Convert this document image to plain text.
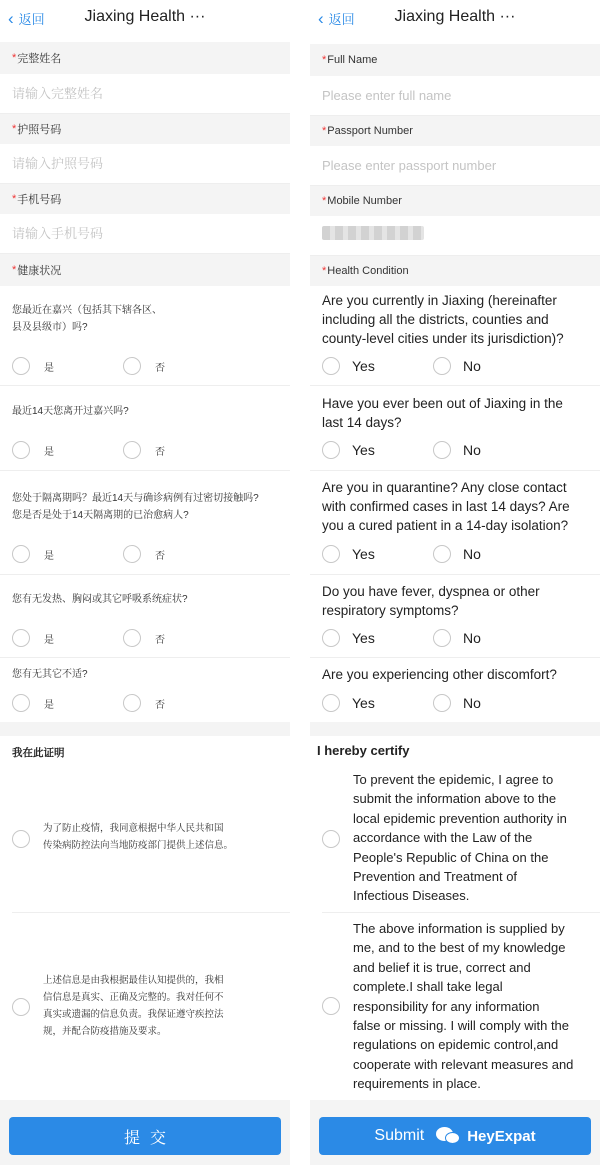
‹ 返回	Jiaxing Health ···
* 完整姓名
请输入完整姓名
* 护照号码
请输入护照号码
* 手机号码
请输入手机号码
* 健康状况
您最近在嘉兴（包括其下辖各区、
县及县级市）吗?
是	否
最近14天您离开过嘉兴吗?
是	否
您处于隔离期吗？最近14天与确诊病例有过密切接触吗?
您是否是处于14天隔离期的已治愈病人?
是	否
您有无发热、胸闷或其它呼吸系统症状?
是	否
您有无其它不适?
是	否
我在此证明
为了防止疫情，我同意根据中华人民共和国
传染病防控法向当地防疫部门提供上述信息。
上述信息是由我根据最佳认知提供的，我相
信信息是真实、正确及完整的。我对任何不
真实或遗漏的信息负责。我保证遵守疾控法
规，并配合防疫措施及要求。
提交
‹ 返回	Jiaxing Health ···
* Full Name
Please enter full name
* Passport Number
Please enter passport number
* Mobile Number
* Health Condition
Are you currently in Jiaxing (hereinafter
including all the districts, counties and
county-level cities under its jurisdiction)?
Yes	No
Have you ever been out of Jiaxing in the
last 14 days?
Yes	No
Are you in quarantine? Any close contact
with confirmed cases in last 14 days? Are
you a cured patient in a 14-day isolation?
Yes	No
Do you have fever, dyspnea or other
respiratory symptoms?
Yes	No
Are you experiencing other discomfort?
Yes	No
I hereby certify
To prevent the epidemic, I agree to
submit the information above to the
local epidemic prevention authority in
accordance with the Law of the
People's Republic of China on the
Prevention and Treatment of
Infectious Diseases.
The above information is supplied by
me, and to the best of my knowledge
and belief it is true, correct and
complete.I shall take legal
responsibility for any information
false or missing. I will comply with the
regulations on epidemic control,and
cooperate with relevant measures and
requirements in place.
Submit	HeyExpat
